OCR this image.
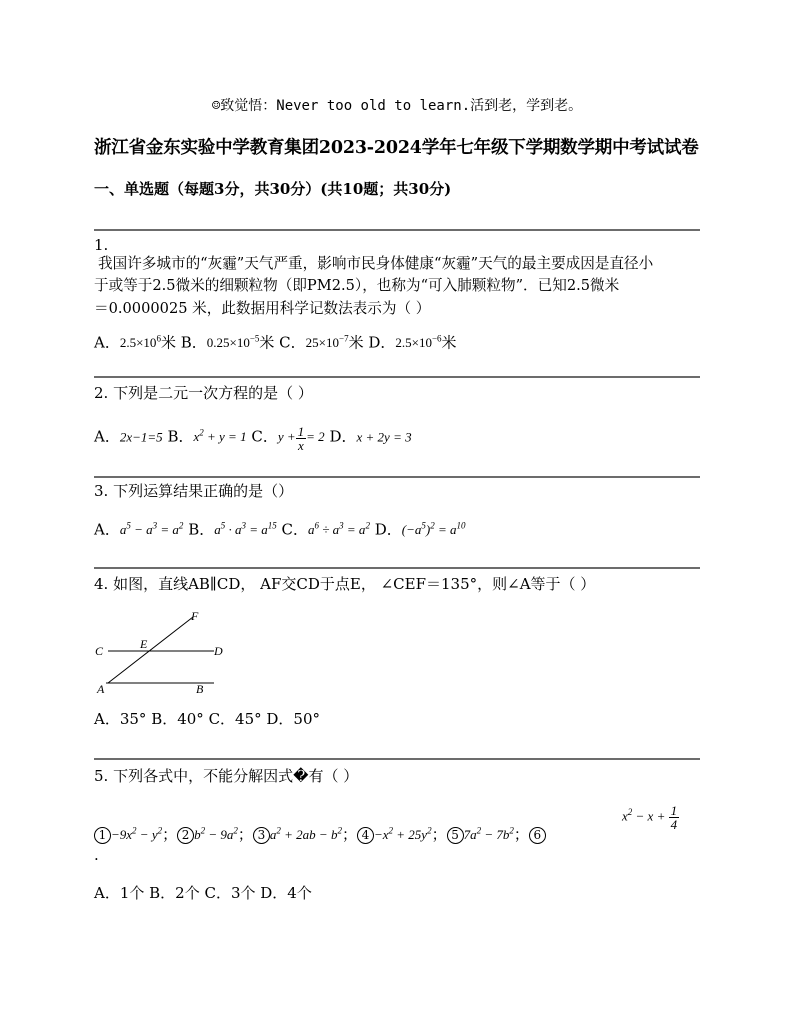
☺致觉悟：Never too old to learn.活到老，学到老。
浙江省金东实验中学教育集团2023-2024学年七年级下学期数学期中考试试卷
一、单选题（每题3分，共30分）(共10题；共30分)
1.
我国许多城市的“灰霾”天气严重，影响市民身体健康“灰霾”天气的最主要成因是直径小
于或等于2.5微米的细颗粒物（即PM2.5），也称为“可入肺颗粒物”．已知2.5微米
＝0.0000025 米，此数据用科学记数法表示为（ ）
A．$2.5\times 10^6$米 B．$0.25\times 10^{-5}$米 C．$25\times 10^{-7}$米 D．$2.5\times 10^{-6}$米
2. 下列是二元一次方程的是（ ）
A．2x−1=5 B．$x^2 + y = 1$ C．$y + \frac{1}{x} = 2$ D．x + 2y = 3
3. 下列运算结果正确的是（）
A．$a^5 - a^3 = a^2$ B．$a^5 \cdot a^3 = a^{15}$ C．$a^6 \div a^3 = a^2$ D．$(-a^5)^2 = a^{10}$
4. 如图，直线AB∥CD， AF交CD于点E， ∠CEF＝135°，则∠A等于（ ）
F
C	E	D
A	B
A．35° B．40° C．45° D．50°
5. 下列各式中，不能分解因式�有（ ）
$1 -9x^2 - y^2$； 2 $b^2 - 9a^2$； 3 $a^2 + 2ab - b^2$； $4 -x^2 + 25y^2$； 5 $7a^2 - 7b^2$； 6
$x^2 - x + \frac{1}{4}$
.
A．1个 B．2个 C．3个 D．4个
